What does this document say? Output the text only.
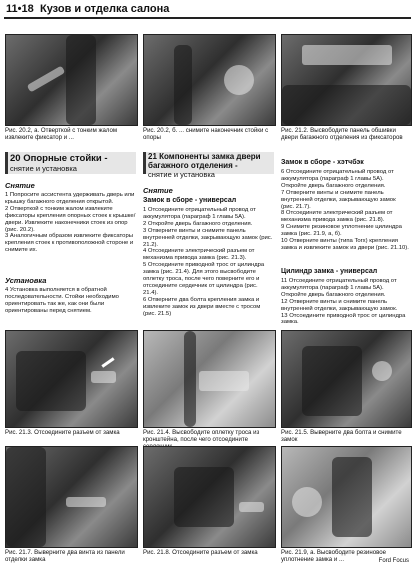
11•18 Кузов и отделка салона
Рис. 20.2, a. Отверткой с тонким жалом извлеките фиксатор и ...
Рис. 20.2, б. ... снимите наконечник стойки с опоры
Рис. 21.2. Высвободите панель обшивки двери багажного отделения из фиксаторов
20 Опорные стойки -
снятие и установка
Снятие
1 Попросите ассистента удерживать дверь или крышку багажного отделения открытой.
2 Отверткой с тонким жалом извлеките фиксаторы крепления опорных стоек к крышке/двери. Извлеките наконечники стоек из опор (рис. 20.2).
3 Аналогичным образом извлеките фиксаторы крепления стоек к противоположной стороне и снимите их.
Установка
4 Установка выполняется в обратной последовательности. Стойки необходимо ориентировать так же, как они были ориентированы перед снятием.
21 Компоненты замка двери багажного отделения -
снятие и установка
Снятие
Замок в сборе - универсал
1 Отсоедините отрицательный провод от аккумулятора (параграф 1 главы 5А).
2 Откройте дверь багажного отделения.
3 Отверните винты и снимите панель внутренней отделки, закрывающую замок (рис. 21.2).
4 Отсоедините электрический разъем от механизма привода замка (рис. 21.3).
5 Отсоедините приводной трос от цилиндра замка (рис. 21.4). Для этого высвободите оплетку троса, после чего поверните его и отсоедините сердечник от цилиндра (рис. 21.4).
6 Отверните два болта крепления замка и извлеките замок из двери вместе с тросом (рис. 21.5)
Замок в сборе - хэтчбэк
6 Отсоедините отрицательный провод от аккумулятора (параграф 1 главы 5А). Откройте дверь багажного отделения.
7 Отверните винты и снимите панель внутренней отделки, закрывающую замок (рис. 21.7).
8 Отсоедините электрический разъем от механизма привода замка (рис. 21.8).
9 Снимите резиновое уплотнение цилиндра замка (рис. 21.9, а, б).
10 Отверните винты (типа Torx) крепления замка и извлеките замок из двери (рис. 21.10).
Цилиндр замка - универсал
11 Отсоедините отрицательный провод от аккумулятора (параграф 1 главы 5А). Откройте дверь багажного отделения.
12 Отверните винты и снимите панель внутренней отделки, закрывающую замок.
13 Отсоедините приводной трос от цилиндра замка.
Рис. 21.3. Отсоедините разъем от замка	Рис. 21.4. Высвободите оплетку троса из кронштейна, после чего отсоедините
Рис. 21.5. Выверните два болта и снимите замок
Рис. 21.7. Выверните два винта из панели отделки замка
Рис. 21.8. Отсоедините разъем от замка	Рис. 21.9, а. Высвободите резиновое уплотнение замка и ...	Ford Focus
